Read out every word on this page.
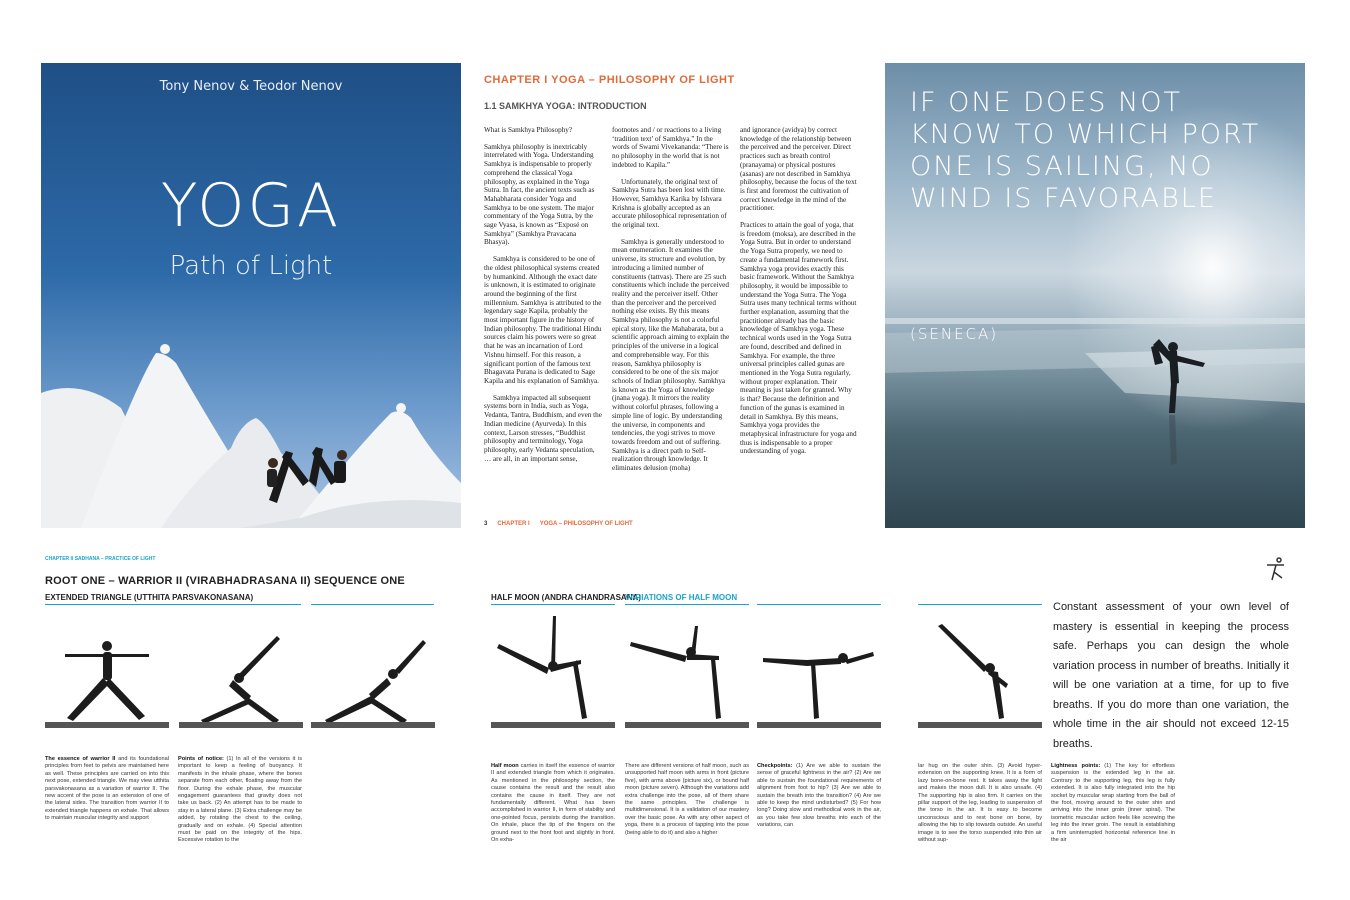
Tony Nenov & Teodor Nenov
YOGA
Path of Light
CHAPTER I YOGA – PHILOSOPHY OF LIGHT
1.1 SAMKHYA YOGA: INTRODUCTION

What is Samkhya Philosophy?

Samkhya philosophy is inextricably interrelated with Yoga. Understanding Samkhya is indispensable to properly comprehend the classical Yoga philosophy, as explained in the Yoga Sutra. In fact, the ancient texts such as Mahabharata consider Yoga and Samkhya to be one system. The major commentary of the Yoga Sutra, by the sage Vyasa, is known as “Exposé on Samkhya” (Samkhya Pravacana Bhasya).

Samkhya is considered to be one of the oldest philosophical systems created by humankind. Although the exact date is unknown, it is estimated to originate around the beginning of the first millennium. Samkhya is attributed to the legendary sage Kapila, probably the most important figure in the history of Indian philosophy. The traditional Hindu sources claim his powers were so great that he was an incarnation of Lord Vishnu himself. For this reason, a significant portion of the famous text Bhagavata Purana is dedicated to Sage Kapila and his explanation of Samkhya.

Samkhya impacted all subsequent systems born in India, such as Yoga, Vedanta, Tantra, Buddhism, and even the Indian medicine (Ayurveda). In this context, Larson stresses, “Buddhist philosophy and terminology, Yoga philosophy, early Vedanta speculation, … are all, in an important sense,

footnotes and / or reactions to a living ‘tradition text’ of Samkhya.” In the words of Swami Vivekananda: “There is no philosophy in the world that is not indebted to Kapila.”

Unfortunately, the original text of Samkhya Sutra has been lost with time. However, Samkhya Karika by Ishvara Krishna is globally accepted as an accurate philosophical representation of the original text.

Samkhya is generally understood to mean enumeration. It examines the universe, its structure and evolution, by introducing a limited number of constituents (tattvas). There are 25 such constituents which include the perceived reality and the perceiver itself. Other than the perceiver and the perceived nothing else exists. By this means Samkhya philosophy is not a colorful epical story, like the Mahabarata, but a scientific approach aiming to explain the principles of the universe in a logical and comprehensible way. For this reason, Samkhya philosophy is considered to be one of the six major schools of Indian philosophy. Samkhya is known as the Yoga of knowledge (jnana yoga). It mirrors the reality without colorful phrases, following a simple line of logic. By understanding the universe, in components and tendencies, the yogi strives to move towards freedom and out of suffering. Samkhya is a direct path to Self-realization through knowledge. It eliminates delusion (moha)

and ignorance (avidya) by correct knowledge of the relationship between the perceived and the perceiver. Direct practices such as breath control (pranayama) or physical postures (asanas) are not described in Samkhya philosophy, because the focus of the text is first and foremost the cultivation of correct knowledge in the mind of the practitioner.

Practices to attain the goal of yoga, that is freedom (moksa), are described in the Yoga Sutra. But in order to understand the Yoga Sutra properly, we need to create a fundamental framework first. Samkhya yoga provides exactly this basic framework. Without the Samkhya philosophy, it would be impossible to understand the Yoga Sutra. The Yoga Sutra uses many technical terms without further explanation, assuming that the practitioner already has the basic knowledge of Samkhya yoga. These technical words used in the Yoga Sutra are found, described and defined in Samkhya. For example, the three universal principles called gunas are mentioned in the Yoga Sutra regularly, without proper explanation. Their meaning is just taken for granted. Why is that? Because the definition and function of the gunas is examined in detail in Samkhya. By this means, Samkhya yoga provides the metaphysical infrastructure for yoga and thus is indispensable to a proper understanding of yoga.

3 CHAPTER I YOGA – PHILOSOPHY OF LIGHT
IF ONE DOES NOT KNOW TO WHICH PORT ONE IS SAILING, NO WIND IS FAVORABLE
(SENECA)
CHAPTER II SADHANA – PRACTICE OF LIGHT
ROOT ONE – WARRIOR II (VIRABHADRASANA II) SEQUENCE ONE
EXTENDED TRIANGLE (UTTHITA PARSVAKONASANA)
The essence of warrior II and its foundational principles from feet to pelvis are maintained here as well. These principles are carried on into this next pose, extended triangle. We may view utthita parsvakonasana as a variation of warrior II. The new accent of the pose is an extension of one of the lateral sides. The transition from warrior II to extended triangle happens on exhale. That allows to maintain muscular integrity and support
Points of notice: (1) In all of the versions it is important to keep a feeling of buoyancy. It manifests in the inhale phase, where the bones separate from each other, floating away from the floor. During the exhale phase, the muscular engagement guarantees that gravity does not take us back. (2) An attempt has to be made to stay in a lateral plane. (3) Extra challenge may be added, by rotating the chest to the ceiling, gradually and on exhale. (4) Special attention must be paid on the integrity of the hips. Excessive rotation to the
HALF MOON (ANDRA CHANDRASANA)
VARIATIONS OF HALF MOON
Constant assessment of your own level of mastery is essential in keeping the process safe. Perhaps you can design the whole variation process in number of breaths. Initially it will be one variation at a time, for up to five breaths. If you do more than one variation, the whole time in the air should not exceed 12-15 breaths.
Half moon carries in itself the essence of warrior II and extended triangle from which it originates. As mentioned in the philosophy section, the cause contains the result and the result also contains the cause in itself. They are not fundamentally different. What has been accomplished in warrior II, in form of stability and one-pointed focus, persists during the transition. On inhale, place the tip of the fingers on the ground next to the front foot and slightly in front. On exha-
There are different versions of half moon, such as unsupported half moon with arms in front (picture five), with arms above (picture six), or bound half moon (picture seven). Although the variations add extra challenge into the pose, all of them share the same principles. The challenge is multidimensional. It is a validation of our mastery over the basic pose. As with any other aspect of yoga, there is a process of tapping into the pose (being able to do it) and also a higher
Checkpoints: (1) Are we able to sustain the sense of graceful lightness in the air? (2) Are we able to sustain the foundational requirements of alignment from foot to hip? (3) Are we able to sustain the breath into the transition? (4) Are we able to keep the mind undisturbed? (5) For how long? Doing slow and methodical work in the air, as you take few slow breaths into each of the variations, can
lar hug on the outer shin. (3) Avoid hyper-extension on the supporting knee. It is a form of lazy bone-on-bone rest. It takes away the light and makes the moon dull. It is also unsafe. (4) The supporting hip is also firm. It carries on the pillar support of the leg, leading to suspension of the torso in the air. It is easy to become unconscious and to rest bone on bone, by allowing the hip to slip towards outside. An useful image is to see the torso suspended into thin air without sup-
Lightness points: (1) The key for effortless suspension is the extended leg in the air. Contrary to the supporting leg, this leg is fully extended. It is also fully integrated into the hip socket by muscular wrap starting from the ball of the foot, moving around to the outer shin and arriving into the inner groin (inner spiral). The isometric muscular action feels like screwing the leg into the inner groin. The result is establishing a firm uninterrupted horizontal reference line in the air
